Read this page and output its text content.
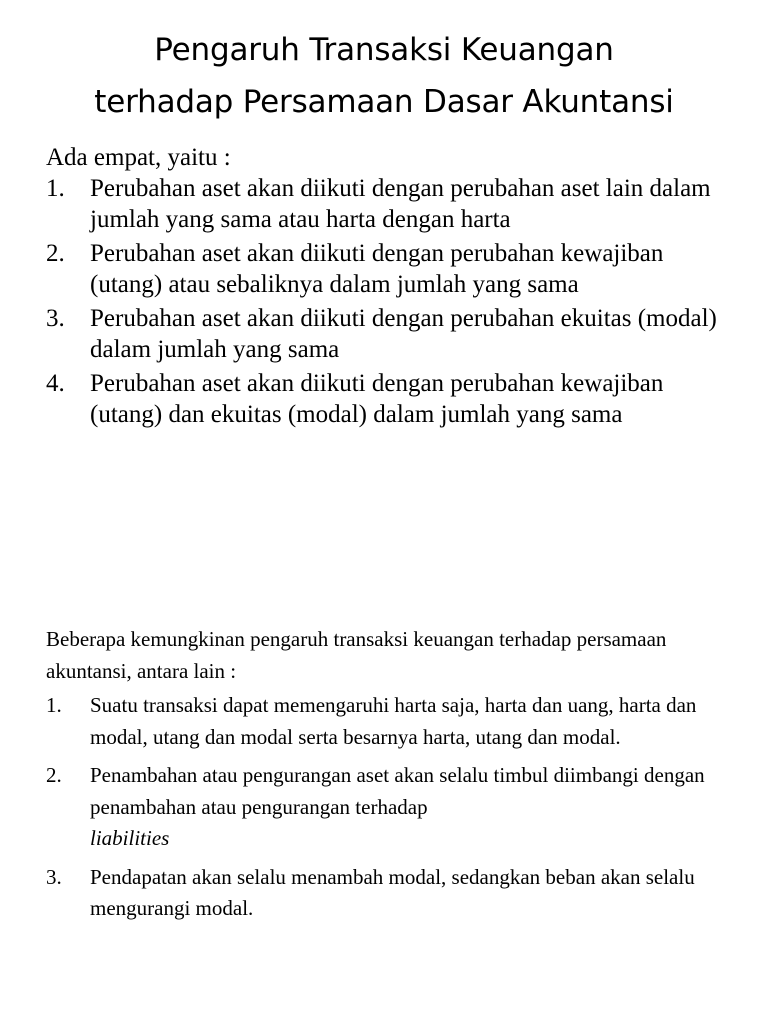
Pengaruh Transaksi Keuangan
terhadap Persamaan Dasar Akuntansi

Ada empat, yaitu :

1. Perubahan aset akan diikuti dengan perubahan aset lain dalam jumlah yang sama atau harta dengan harta
2. Perubahan aset akan diikuti dengan perubahan kewajiban (utang) atau sebaliknya dalam jumlah yang sama
3. Perubahan aset akan diikuti dengan perubahan ekuitas (modal) dalam jumlah yang sama
4. Perubahan aset akan diikuti dengan perubahan kewajiban (utang) dan ekuitas (modal) dalam jumlah yang sama

Beberapa kemungkinan pengaruh transaksi keuangan terhadap persamaan akuntansi, antara lain :

1. Suatu transaksi dapat memengaruhi harta saja, harta dan uang, harta dan modal, utang dan modal serta besarnya harta, utang dan modal.
2. Penambahan atau pengurangan aset akan selalu timbul diimbangi dengan penambahan atau pengurangan terhadap
liabilities
3. Pendapatan akan selalu menambah modal, sedangkan beban akan selalu mengurangi modal.
